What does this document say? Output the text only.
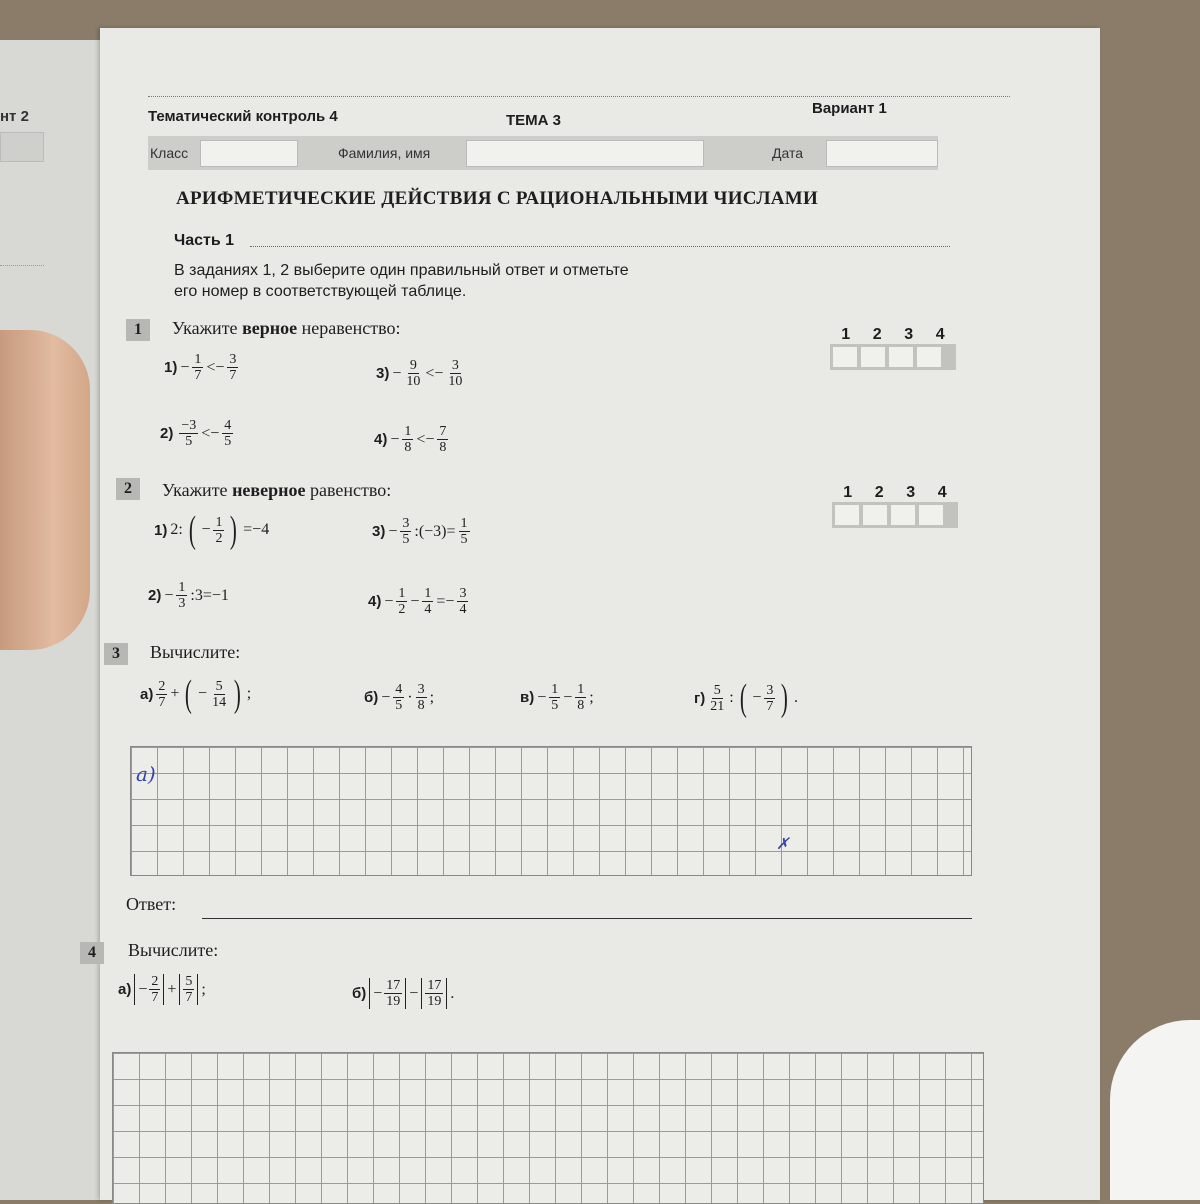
нт 2	Тематический контроль 4	ТЕМА 3
Вариант 1
Класс	Фамилия, имя	Дата
АРИФМЕТИЧЕСКИЕ ДЕЙСТВИЯ С РАЦИОНАЛЬНЫМИ ЧИСЛАМИ
Часть 1
В заданиях 1, 2 выберите один правильный ответ и отметьте
его номер в соответствующей таблице.
1	Укажите верное неравенство:	1 2 3 4
$1) - \frac{1}{7} <- \frac{3}{7}$
$2) \frac{-3}{5} <- \frac{4}{5}$
$3) - \frac{9}{10} <- \frac{3}{10}$
$4) - \frac{1}{8} <- \frac{7}{8}$
2	Укажите неверное равенство:	1 2 3 4
1) 2: ( − $\frac{1}{2}$ ) =−4
$2) - \frac{1}{3}$ :3=−1
$3) - \frac{3}{5}$ :(−3)= $\frac{1}{5}$
$4) - \frac{1}{2} - \frac{1}{4} =- \frac{3}{4}$
3	Вычислите:
$а) \frac{2}{7}$ + ( − $\frac{5}{14}$ ) ;	$б) - \frac{4}{5} \cdot \frac{3}{8}$ ;	$в) - \frac{1}{5} - \frac{1}{8}$ ;	$г) \frac{5}{21}$ : ( − $\frac{3}{7}$ ) .
а)
✗
Ответ:
4	Вычислите:
$а) - \frac{2}{7} + \frac{5}{7}$ ;	$б) - \frac{17}{19} - \frac{17}{19}$ .
